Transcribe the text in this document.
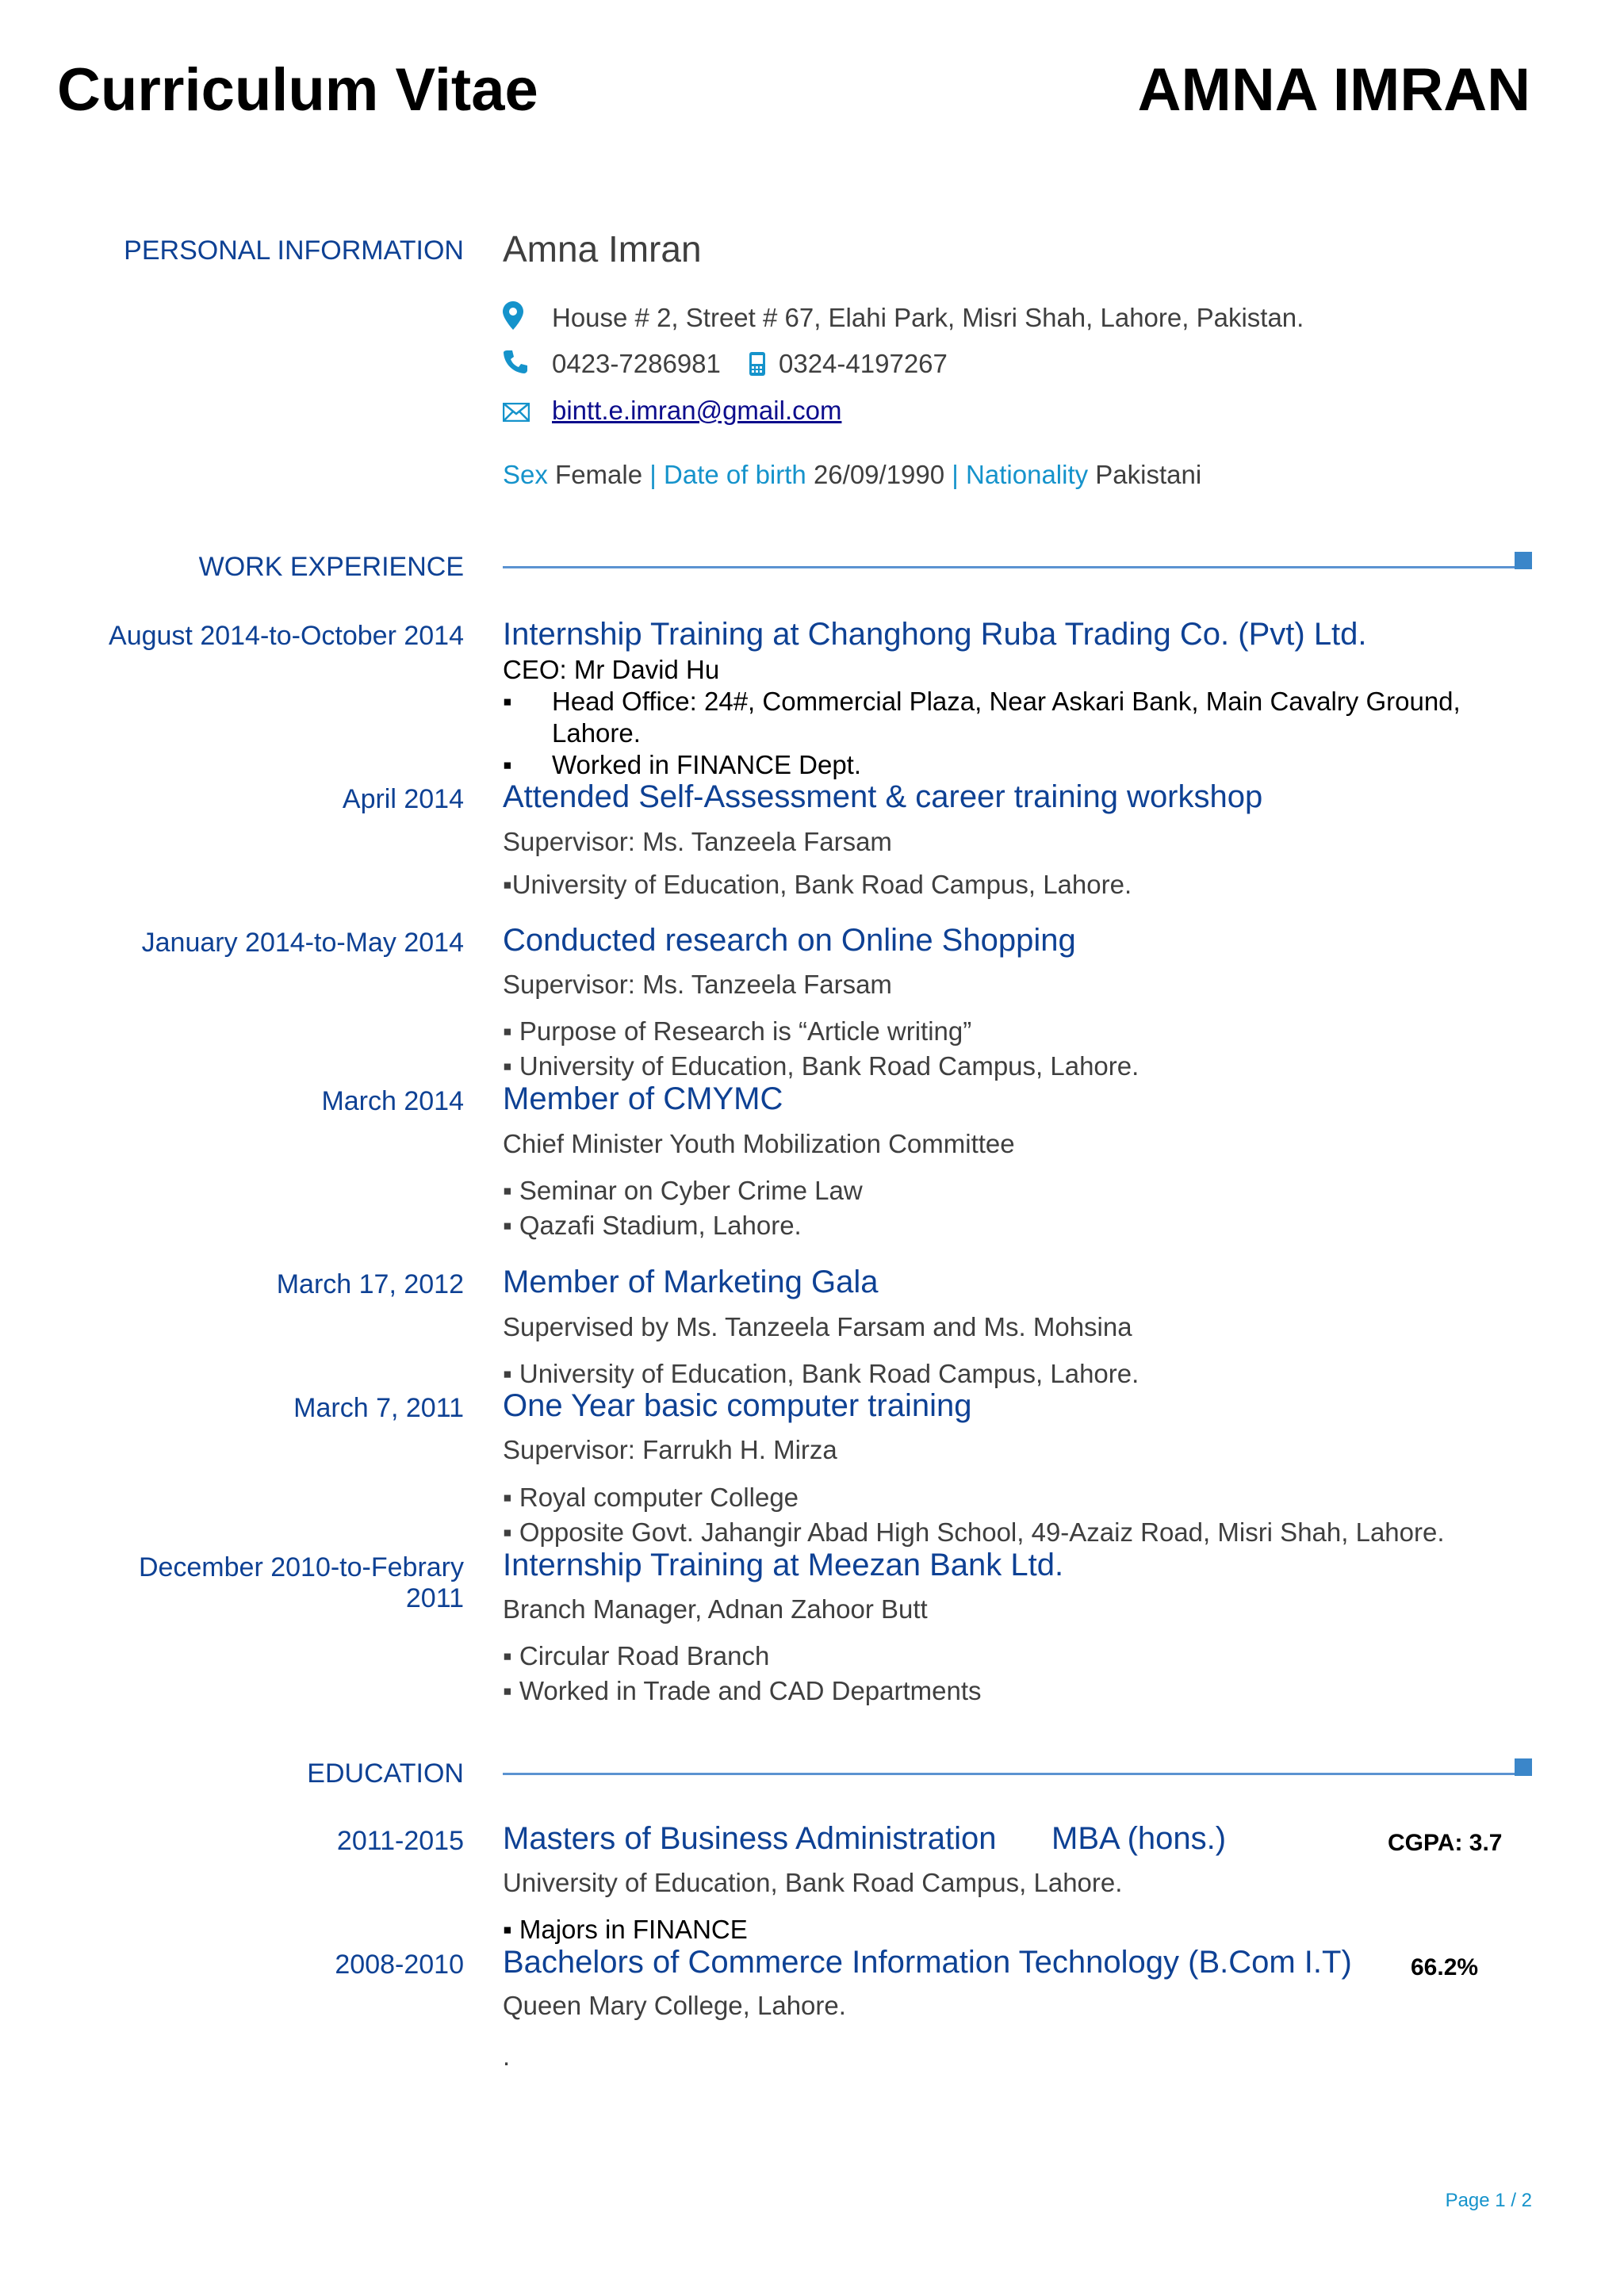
Curriculum Vitae	AMNA IMRAN
PERSONAL INFORMATION Amna Imran
House # 2, Street # 67, Elahi Park, Misri Shah, Lahore, Pakistan.
0423-7286981 0324-4197267
bintt.e.imran@gmail.com
Sex Female | Date of birth 26/09/1990 | Nationality Pakistani
WORK EXPERIENCE
August 2014-to-October 2014 Internship Training at Changhong Ruba Trading Co. (Pvt) Ltd.
CEO: Mr David Hu
▪ Head Office: 24#, Commercial Plaza, Near Askari Bank, Main Cavalry Ground,
Lahore.
▪ Worked in FINANCE Dept.
April 2014 Attended Self-Assessment & career training workshop
Supervisor: Ms. Tanzeela Farsam
▪University of Education, Bank Road Campus, Lahore.
January 2014-to-May 2014 Conducted research on Online Shopping
Supervisor: Ms. Tanzeela Farsam
▪ Purpose of Research is “Article writing”
▪ University of Education, Bank Road Campus, Lahore.
March 2014 Member of CMYMC
Chief Minister Youth Mobilization Committee
▪ Seminar on Cyber Crime Law
▪ Qazafi Stadium, Lahore.
March 17, 2012 Member of Marketing Gala
Supervised by Ms. Tanzeela Farsam and Ms. Mohsina
▪ University of Education, Bank Road Campus, Lahore.
March 7, 2011 One Year basic computer training
Supervisor: Farrukh H. Mirza
▪ Royal computer College
▪ Opposite Govt. Jahangir Abad High School, 49-Azaiz Road, Misri Shah, Lahore.
December 2010-to-Febrary
2011
Internship Training at Meezan Bank Ltd.
Branch Manager, Adnan Zahoor Butt
▪ Circular Road Branch
▪ Worked in Trade and CAD Departments
EDUCATION
2011-2015 Masters of Business Administration MBA (hons.)	CGPA: 3.7
University of Education, Bank Road Campus, Lahore.
▪ Majors in FINANCE
2008-2010 Bachelors of Commerce Information Technology (B.Com I.T) 66.2%
Queen Mary College, Lahore.
.
Page 1 / 2
